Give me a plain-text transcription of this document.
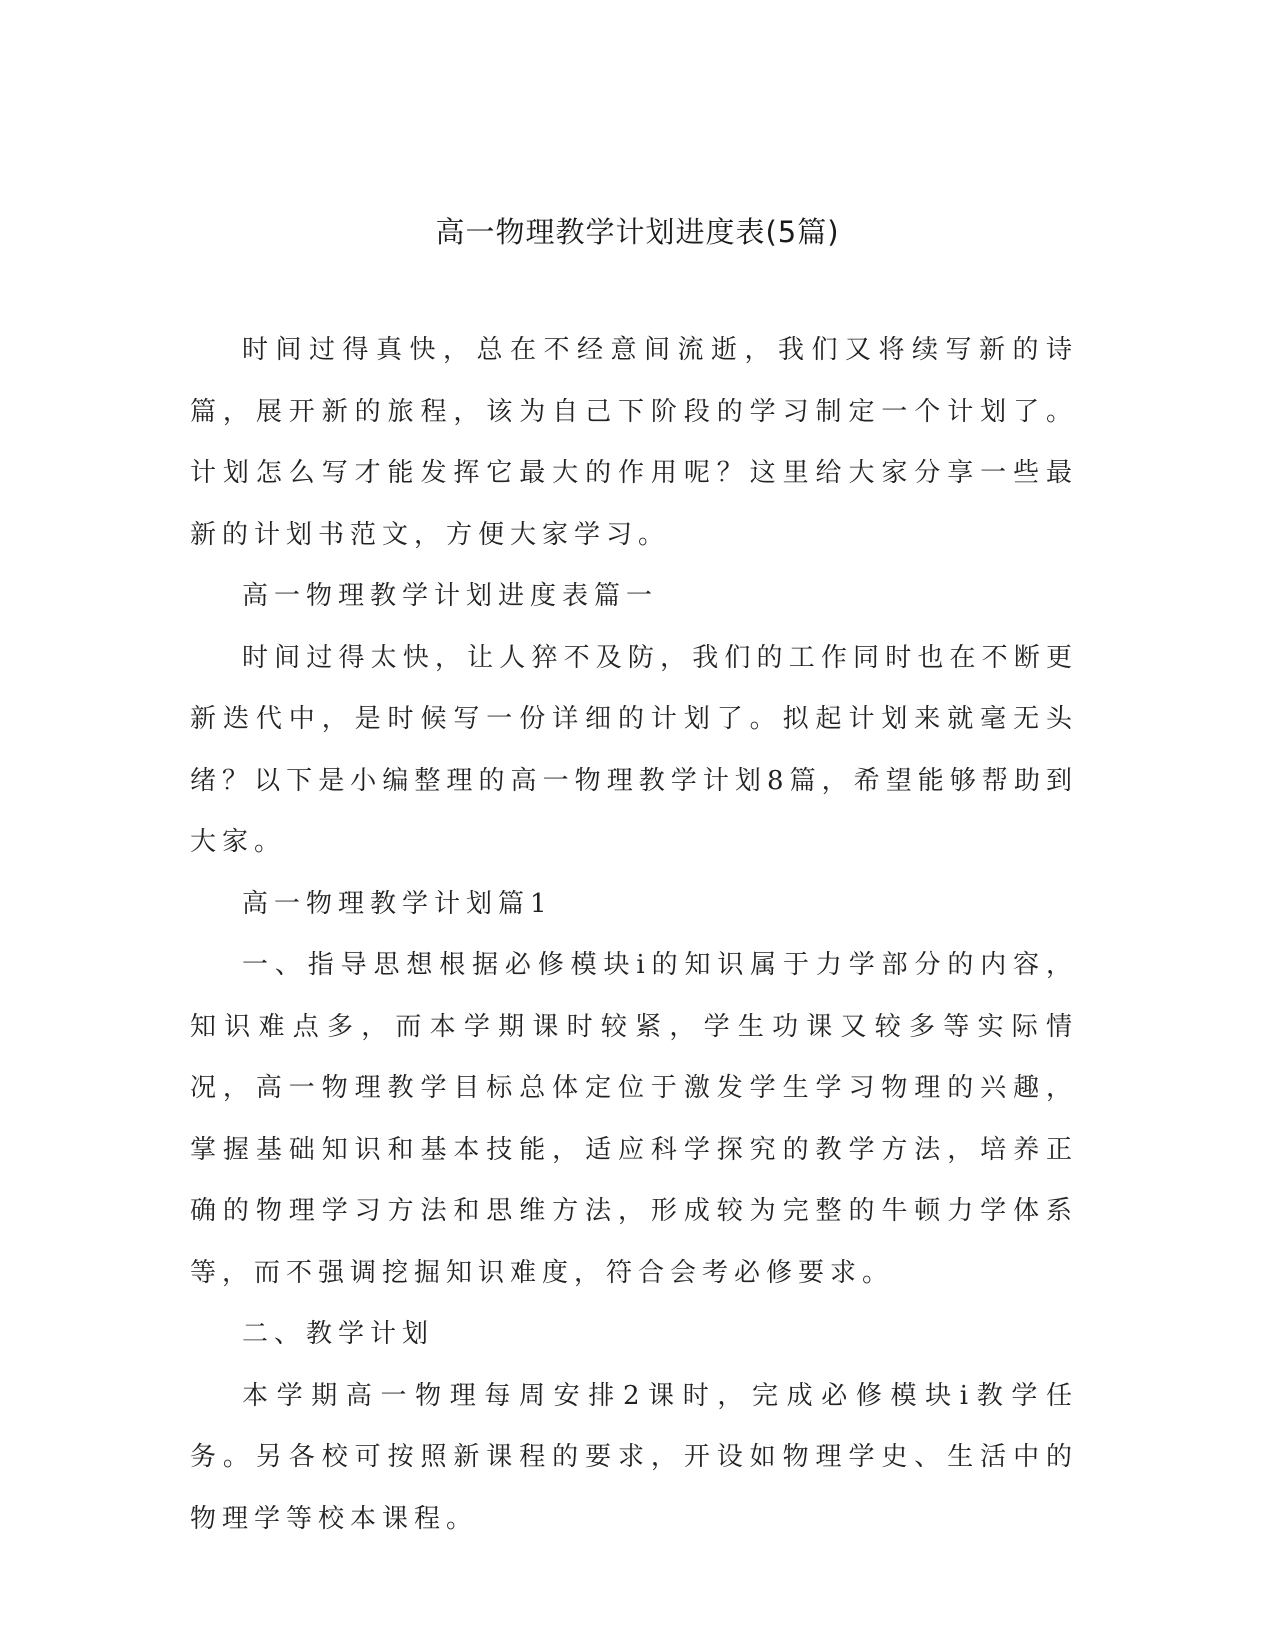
高一物理教学计划进度表(5篇)

时间过得真快，总在不经意间流逝，我们又将续写新的诗篇，展开新的旅程，该为自己下阶段的学习制定一个计划了。计划怎么写才能发挥它最大的作用呢？这里给大家分享一些最新的计划书范文，方便大家学习。

高一物理教学计划进度表篇一

时间过得太快，让人猝不及防，我们的工作同时也在不断更新迭代中，是时候写一份详细的计划了。拟起计划来就毫无头绪？以下是小编整理的高一物理教学计划8篇，希望能够帮助到大家。

高一物理教学计划篇1

一、指导思想根据必修模块ⅰ的知识属于力学部分的内容，知识难点多，而本学期课时较紧，学生功课又较多等实际情况，高一物理教学目标总体定位于激发学生学习物理的兴趣，掌握基础知识和基本技能，适应科学探究的教学方法，培养正确的物理学习方法和思维方法，形成较为完整的牛顿力学体系等，而不强调挖掘知识难度，符合会考必修要求。

二、教学计划

本学期高一物理每周安排2课时，完成必修模块ⅰ教学任务。另各校可按照新课程的要求，开设如物理学史、生活中的物理学等校本课程。
